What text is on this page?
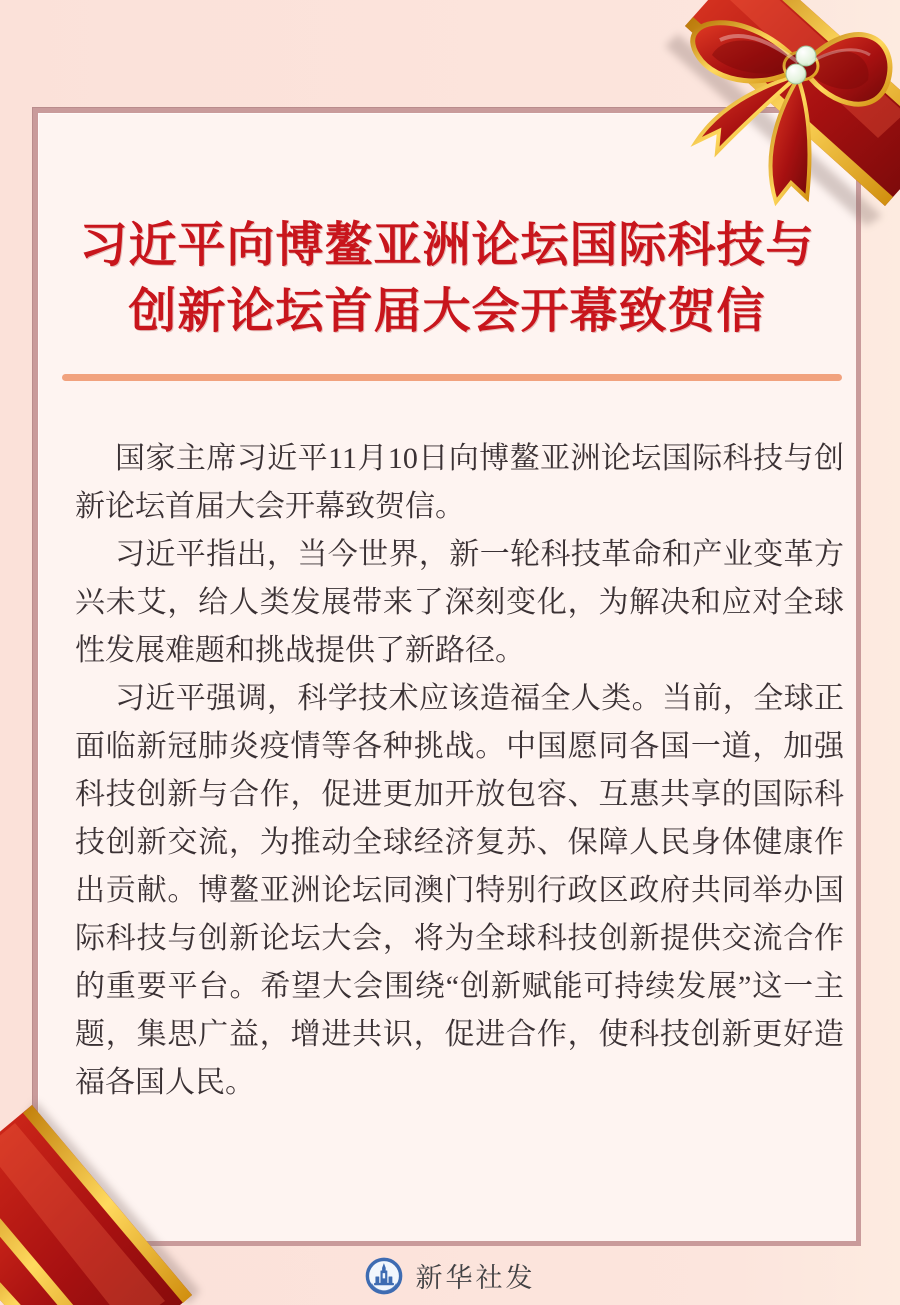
习近平向博鳌亚洲论坛国际科技与
创新论坛首届大会开幕致贺信

国家主席习近平11月10日向博鳌亚洲论坛国际科技与创新论坛首届大会开幕致贺信。

习近平指出，当今世界，新一轮科技革命和产业变革方兴未艾，给人类发展带来了深刻变化，为解决和应对全球性发展难题和挑战提供了新路径。

习近平强调，科学技术应该造福全人类。当前，全球正面临新冠肺炎疫情等各种挑战。中国愿同各国一道，加强科技创新与合作，促进更加开放包容、互惠共享的国际科技创新交流，为推动全球经济复苏、保障人民身体健康作出贡献。博鳌亚洲论坛同澳门特别行政区政府共同举办国际科技与创新论坛大会，将为全球科技创新提供交流合作的重要平台。希望大会围绕“创新赋能可持续发展”这一主题，集思广益，增进共识，促进合作，使科技创新更好造福各国人民。

新华社发
